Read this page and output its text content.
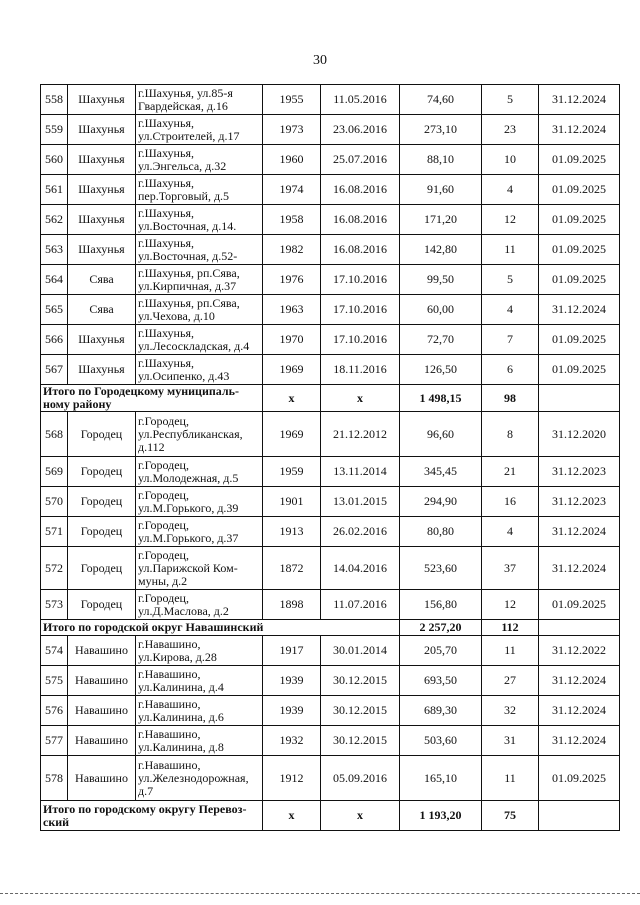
30
558	Шахунья	г.Шахунья, ул.85-я
Гвардейская, д.16	1955	11.05.2016	74,60	5	31.12.2024
559	Шахунья	г.Шахунья,
ул.Строителей, д.17	1973	23.06.2016	273,10	23	31.12.2024
560	Шахунья	г.Шахунья,
ул.Энгельса, д.32	1960	25.07.2016	88,10	10	01.09.2025
561	Шахунья	г.Шахунья,
пер.Торговый, д.5	1974	16.08.2016	91,60	4	01.09.2025
562	Шахунья	г.Шахунья,
ул.Восточная, д.14.	1958	16.08.2016	171,20	12	01.09.2025
563	Шахунья	г.Шахунья,
ул.Восточная, д.52-	1982	16.08.2016	142,80	11	01.09.2025
564	Сява	г.Шахунья, рп.Сява,
ул.Кирпичная, д.37	1976	17.10.2016	99,50	5	01.09.2025
565	Сява	г.Шахунья, рп.Сява,
ул.Чехова, д.10	1963	17.10.2016	60,00	4	31.12.2024
566	Шахунья	г.Шахунья,
ул.Лесоскладская, д.4	1970	17.10.2016	72,70	7	01.09.2025
567	Шахунья	г.Шахунья,
ул.Осипенко, д.43	1969	18.11.2016	126,50	6	01.09.2025
Итого по Городецкому муниципаль-
ному району			x	x	1 498,15	98	
568	Городец	г.Городец,
ул.Республиканская,
д.112	1969	21.12.2012	96,60	8	31.12.2020
569	Городец	г.Городец,
ул.Молодежная, д.5	1959	13.11.2014	345,45	21	31.12.2023
570	Городец	г.Городец,
ул.М.Горького, д.39	1901	13.01.2015	294,90	16	31.12.2023
571	Городец	г.Городец,
ул.М.Горького, д.37	1913	26.02.2016	80,80	4	31.12.2024
572	Городец	г.Городец,
ул.Парижской Ком-
муны, д.2	1872	14.04.2016	523,60	37	31.12.2024
573	Городец	г.Городец,
ул.Д.Маслова, д.2	1898	11.07.2016	156,80	12	01.09.2025
Итого по городской округ Навашинский					2 257,20	112	
574	Навашино	г.Навашино,
ул.Кирова, д.28	1917	30.01.2014	205,70	11	31.12.2022
575	Навашино	г.Навашино,
ул.Калинина, д.4	1939	30.12.2015	693,50	27	31.12.2024
576	Навашино	г.Навашино,
ул.Калинина, д.6	1939	30.12.2015	689,30	32	31.12.2024
577	Навашино	г.Навашино,
ул.Калинина, д.8	1932	30.12.2015	503,60	31	31.12.2024
578	Навашино	г.Навашино,
ул.Железнодорожная,
д.7	1912	05.09.2016	165,10	11	01.09.2025
Итого по городскому округу Перевоз-
ский			x	x	1 193,20	75	
